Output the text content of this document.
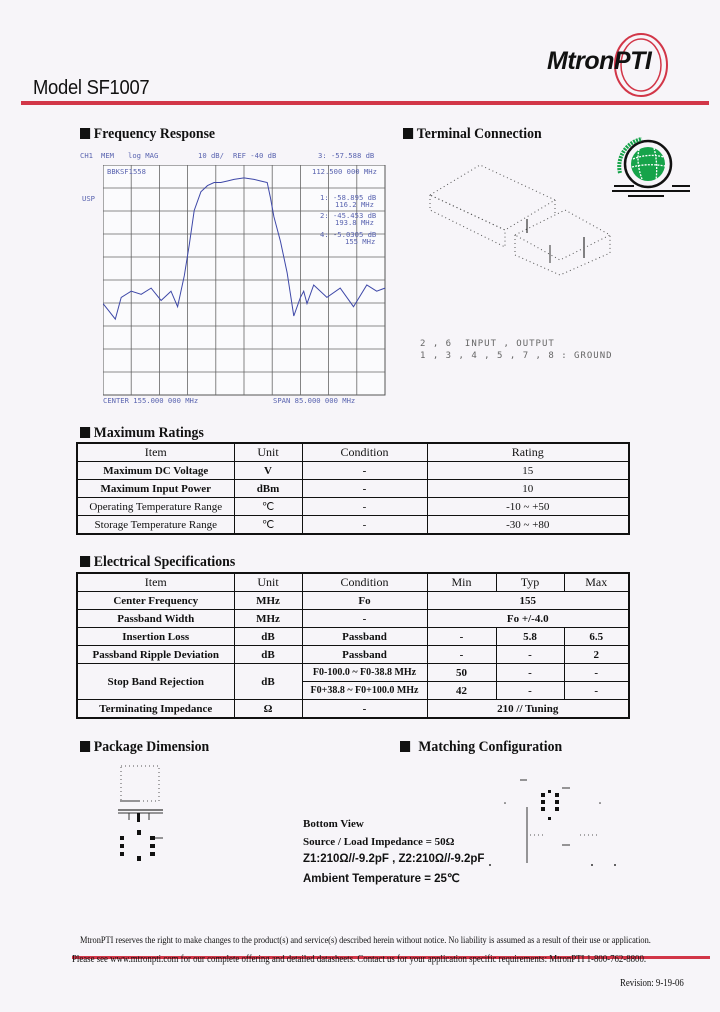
Model SF1007
MtronPTI
Frequency Response
CH1 MEM log MAG	10 dB/ REF -40 dB	3: -57.588 dB
USP
BBKSF1558	112.500 000 MHz
1: -58.895 dB
116.2 MHz
2: -45.453 dB
193.8 MHz
4: -5.0305 dB
155 MHz
CENTER 155.000 000 MHz	SPAN 85.000 000 MHz
Terminal Connection
2 , 6  INPUT , OUTPUT
1 , 3 , 4 , 5 , 7 , 8 : GROUND
Maximum Ratings
Item	Unit	Condition	Rating
Maximum DC Voltage	V	-	15
Maximum Input Power	dBm	-	10
Operating Temperature Range	℃	-	-10 ~ +50
Storage Temperature Range	℃	-	-30 ~ +80
Electrical Specifications
Item	Unit	Condition	Min	Typ	Max
Center Frequency	MHz	Fo	155		
Passband Width	MHz	-	Fo +/-4.0		
Insertion Loss	dB	Passband	-	5.8	6.5
Passband Ripple Deviation	dB	Passband	-	-	2
Stop Band Rejection	dB	F0-100.0 ~ F0-38.8 MHz	50	-	-
		F0+38.8 ~ F0+100.0 MHz	42	-	-
Terminating Impedance	Ω	-	210 // Tuning		
Package Dimension	Matching Configuration
Bottom View
Source / Load Impedance = 50Ω
Z1:210Ω//-9.2pF , Z2:210Ω//-9.2pF
Ambient Temperature = 25℃
MtronPTI reserves the right to make changes to the product(s) and service(s) described herein without notice. No liability is assumed as a result of their use or application.
Please see www.mtronpti.com for our complete offering and detailed datasheets. Contact us for your application specific requirements: MtronPTI 1-800-762-8800.
Revision: 9-19-06
